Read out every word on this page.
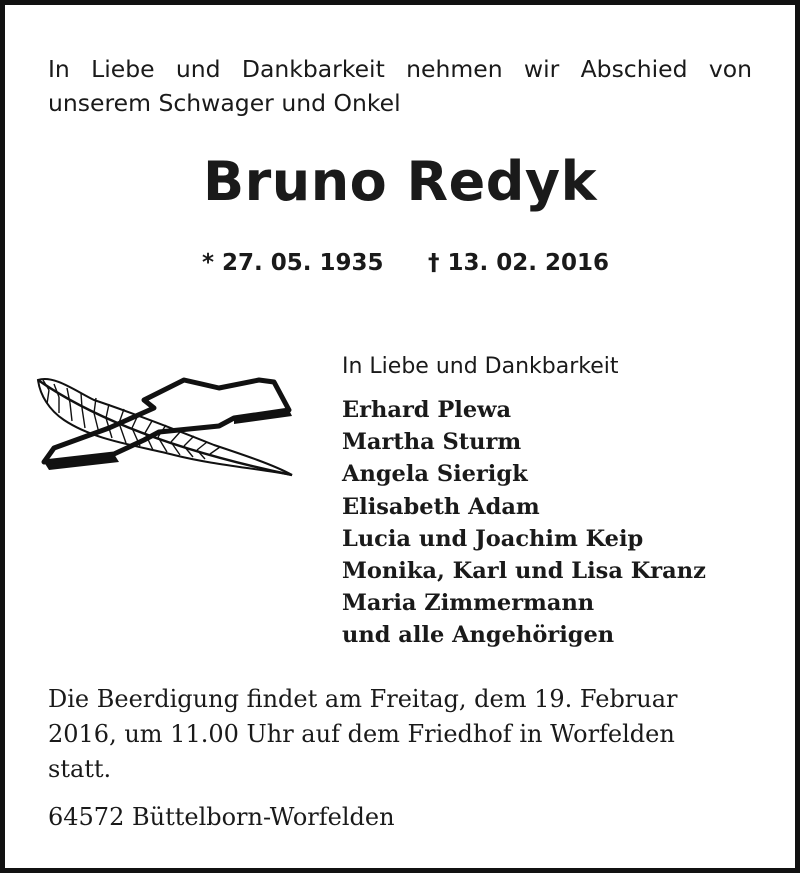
In Liebe und Dankbarkeit nehmen wir Abschied von
unserem Schwager und Onkel
Bruno Redyk
* 27. 05. 1935 † 13. 02. 2016
In Liebe und Dankbarkeit
Erhard Plewa
Martha Sturm
Angela Sierigk
Elisabeth Adam
Lucia und Joachim Keip
Monika, Karl und Lisa Kranz
Maria Zimmermann
und alle Angehörigen
Die Beerdigung findet am Freitag, dem 19. Februar
2016, um 11.00 Uhr auf dem Friedhof in Worfelden
statt.
64572 Büttelborn-Worfelden
